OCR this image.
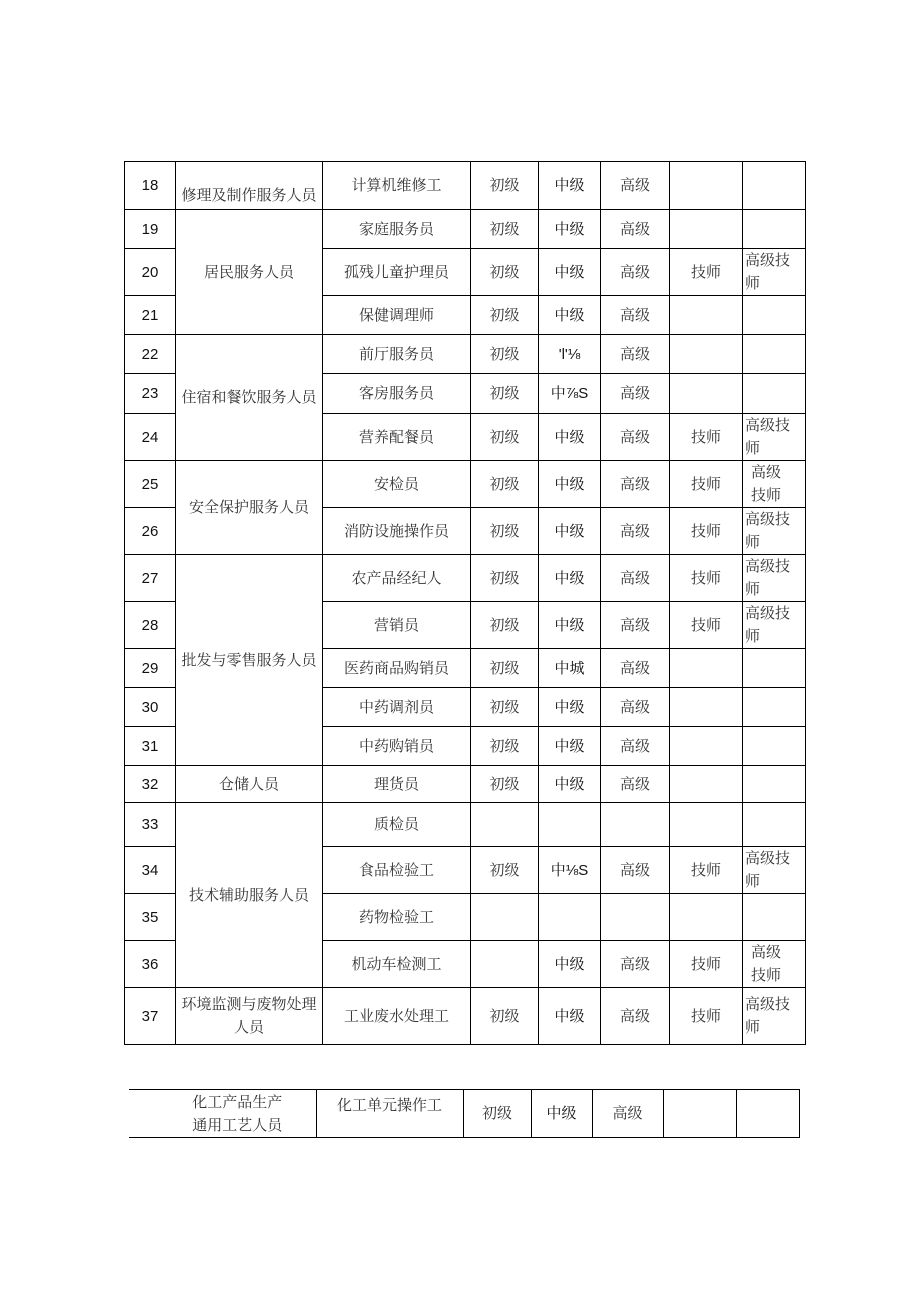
18	修理及制作服务人员	计算机维修工	初级	中级	高级		
19	居民服务人员	家庭服务员	初级	中级	高级		
20		孤残儿童护理员	初级	中级	高级	技师	高级技师
21		保健调理师	初级	中级	高级		
22	住宿和餐饮服务人员	前厅服务员	初级	'l'⅛	高级		
23		客房服务员	初级	中⅞S	高级		
24		营养配餐员	初级	中级	高级	技师	高级技师
25	安全保护服务人员	安检员	初级	中级	高级	技师	高级技师
26		消防设施操作员	初级	中级	高级	技师	高级技师
27	批发与零售服务人员	农产品经纪人	初级	中级	高级	技师	高级技师
28		营销员	初级	中级	高级	技师	高级技师
29		医药商品购销员	初级	中城	高级		
30		中药调剂员	初级	中级	高级		
31		中药购销员	初级	中级	高级		
32	仓储人员	理货员	初级	中级	高级		
33	技术辅助服务人员	质检员					
34		食品检验工	初级	中⅛S	高级	技师	高级技师
35		药物检验工					
36		机动车检测工		中级	高级	技师	高级技师
37	环境监测与废物处理人员	工业废水处理工	初级	中级	高级	技师	高级技师
化工产品生产通用工艺人员	化工单元操作工	初级	中级	高级		
